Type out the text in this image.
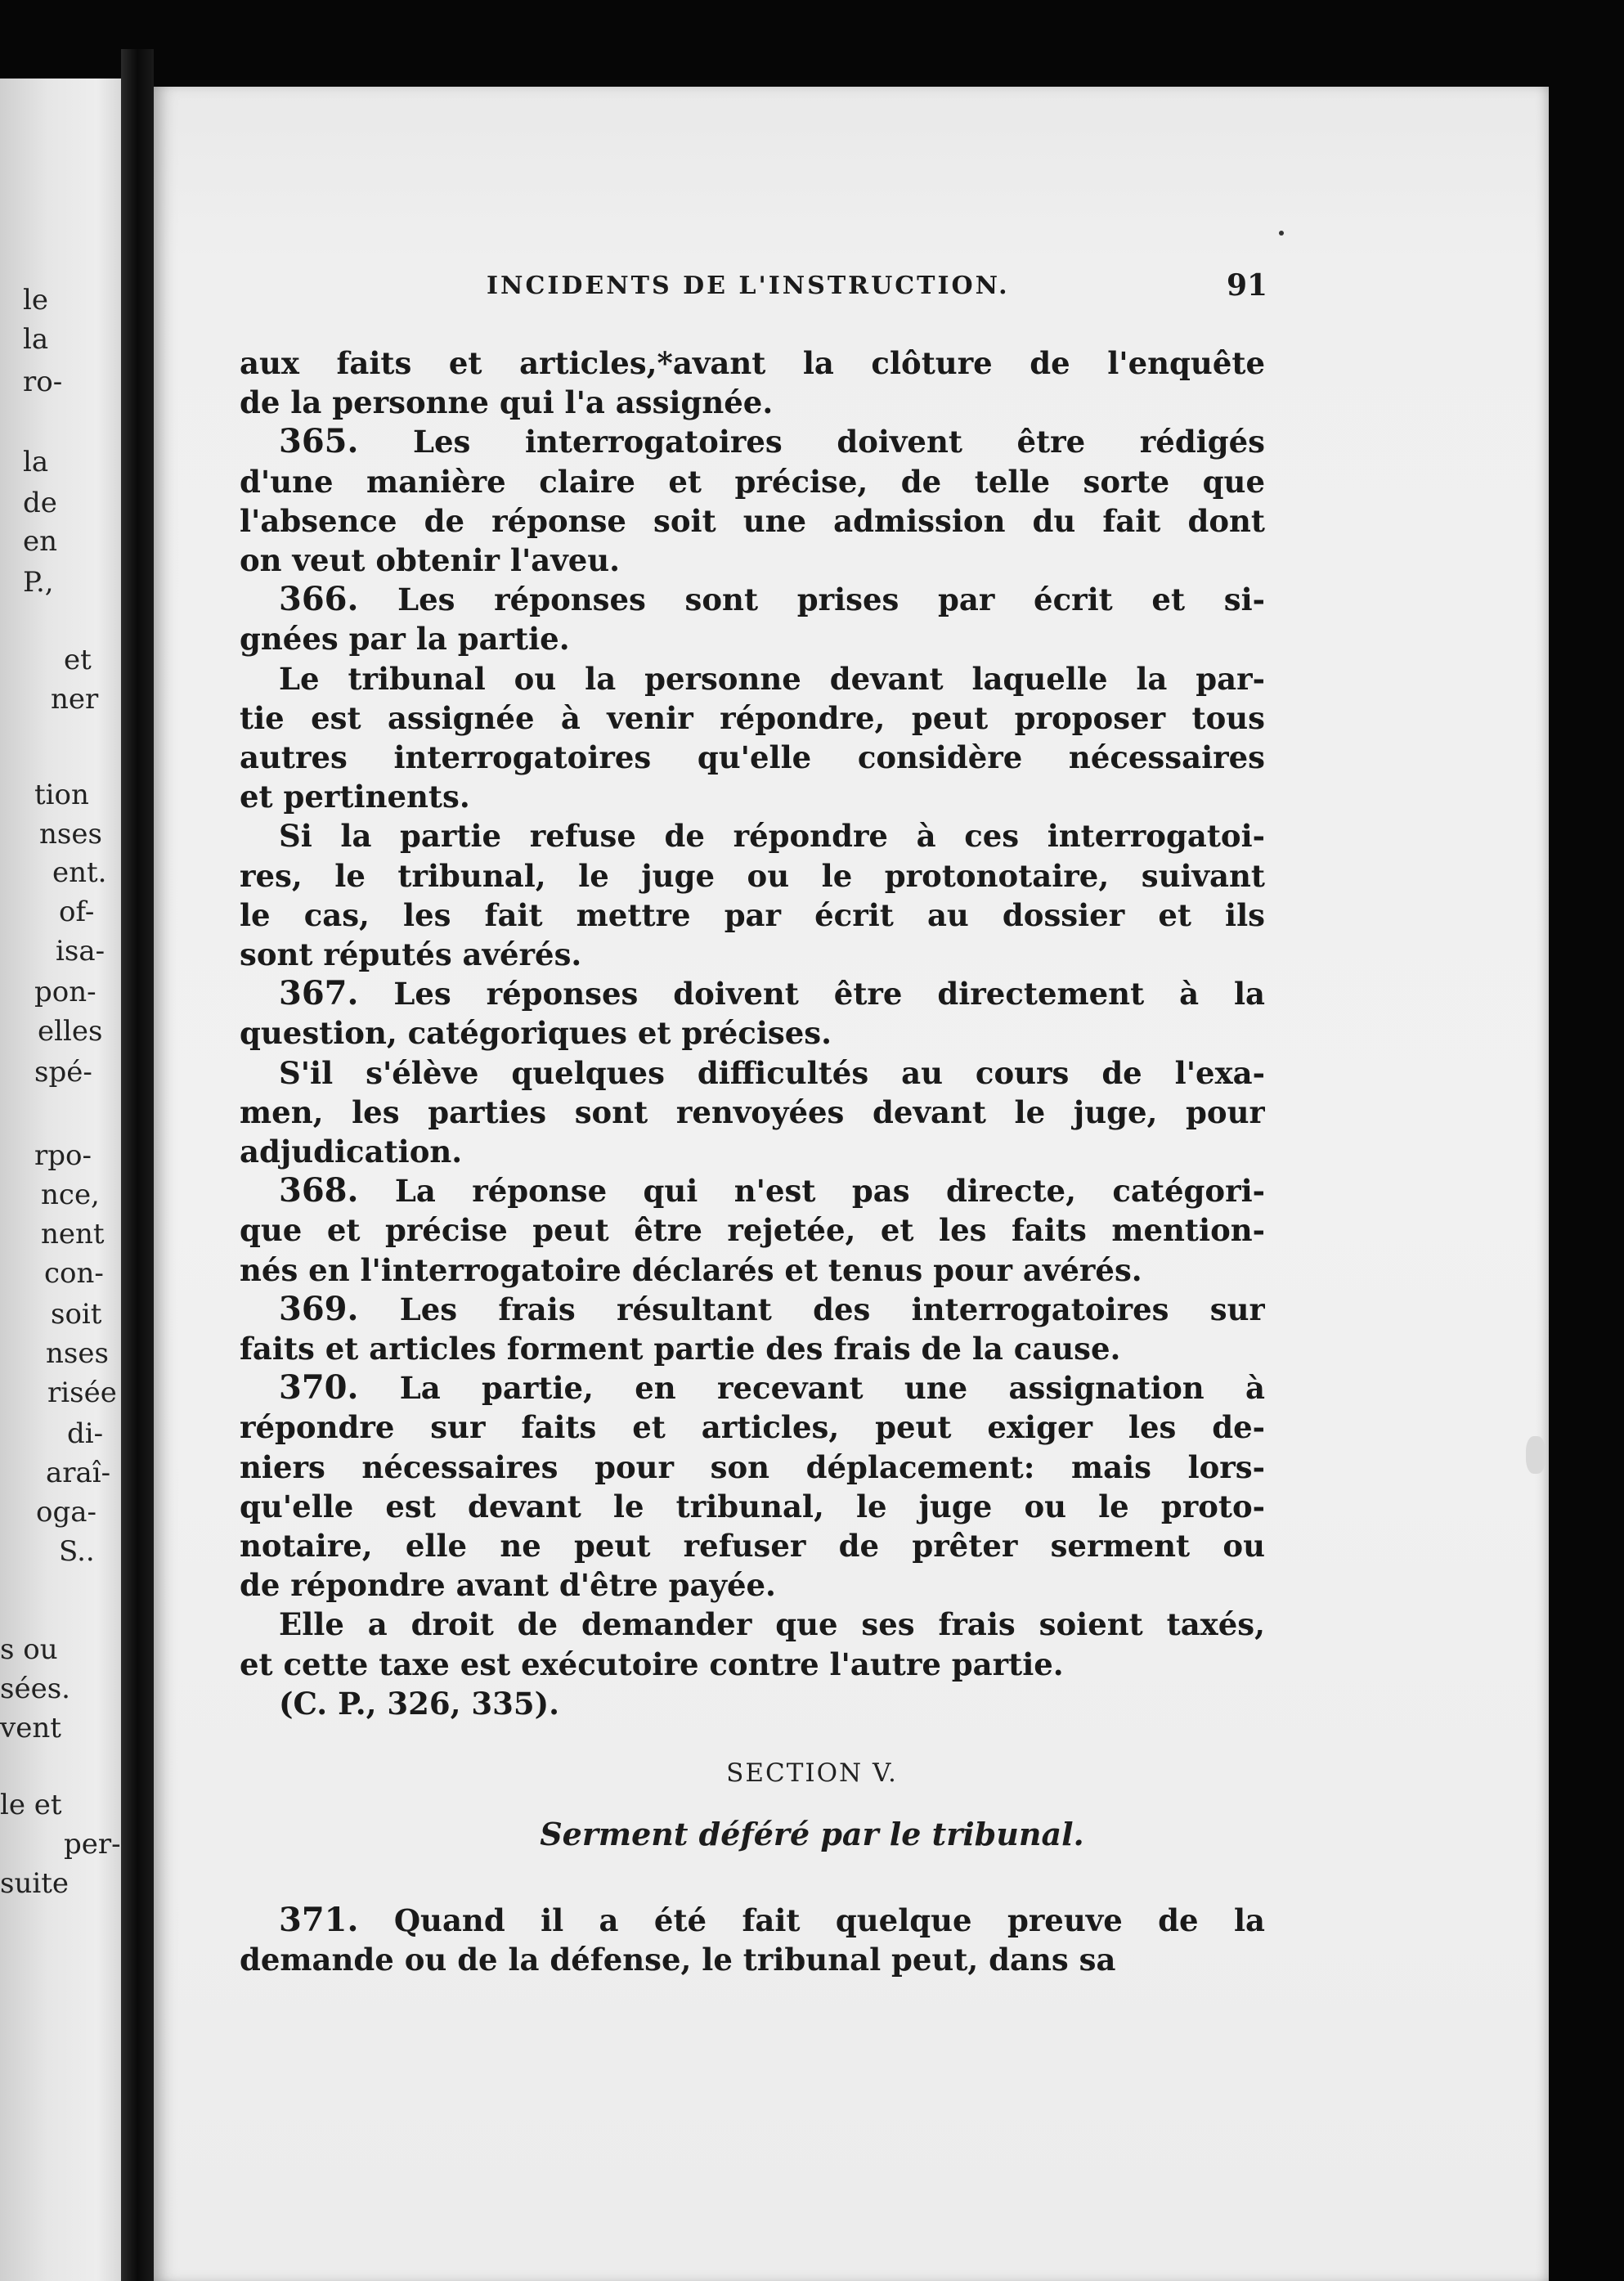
le
la
ro-
la
de
en
P.,
et
ner
tion
nses
ent.
of-
isa-
pon-
elles
spé-
rpo-
nce,
nent
con-
soit
nses
risée
di-
araî-
oga-
S..
s ou
sées.
vent
le et
per-
suite
INCIDENTS DE L'INSTRUCTION.	91
SECTION V.
Serment déféré par le tribunal.
aux faits et articles,*avant la clôture de l'enquête
de la personne qui l'a assignée.
365. Les interrogatoires doivent être rédigés
d'une manière claire et précise, de telle sorte que
l'absence de réponse soit une admission du fait dont
on veut obtenir l'aveu.
366. Les réponses sont prises par écrit et si-
gnées par la partie.
Le tribunal ou la personne devant laquelle la par-
tie est assignée à venir répondre, peut proposer tous
autres interrogatoires qu'elle considère nécessaires
et pertinents.
Si la partie refuse de répondre à ces interrogatoi-
res, le tribunal, le juge ou le protonotaire, suivant
le cas, les fait mettre par écrit au dossier et ils
sont réputés avérés.
367. Les réponses doivent être directement à la
question, catégoriques et précises.
S'il s'élève quelques difficultés au cours de l'exa-
men, les parties sont renvoyées devant le juge, pour
adjudication.
368. La réponse qui n'est pas directe, catégori-
que et précise peut être rejetée, et les faits mention-
nés en l'interrogatoire déclarés et tenus pour avérés.
369. Les frais résultant des interrogatoires sur
faits et articles forment partie des frais de la cause.
370. La partie, en recevant une assignation à
répondre sur faits et articles, peut exiger les de-
niers nécessaires pour son déplacement: mais lors-
qu'elle est devant le tribunal, le juge ou le proto-
notaire, elle ne peut refuser de prêter serment ou
de répondre avant d'être payée.
Elle a droit de demander que ses frais soient taxés,
et cette taxe est exécutoire contre l'autre partie.
(C. P., 326, 335).
371. Quand il a été fait quelque preuve de la
demande ou de la défense, le tribunal peut, dans sa
